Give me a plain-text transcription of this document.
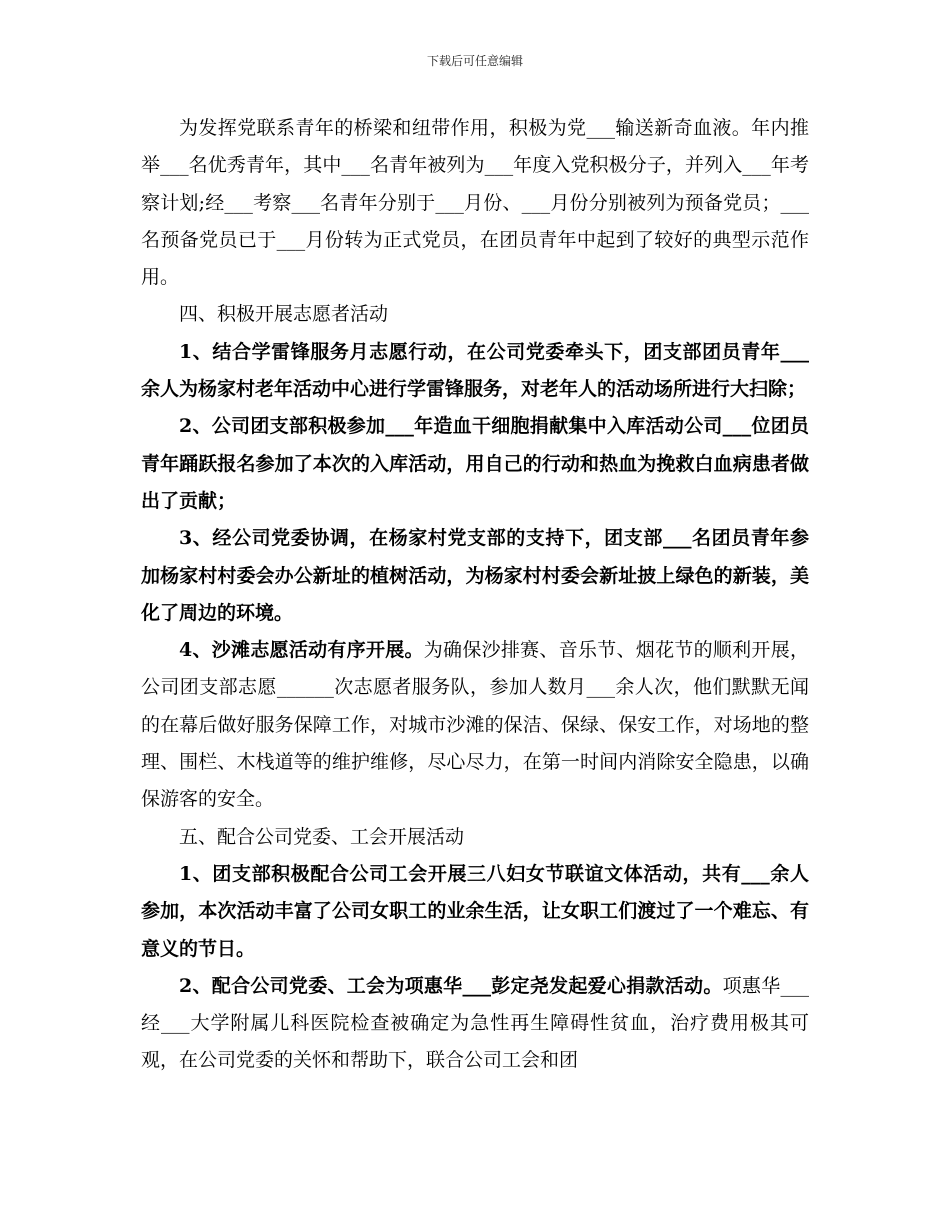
下载后可任意编辑

为发挥党联系青年的桥梁和纽带作用，积极为党___输送新奇血液。年内推举___名优秀青年，其中___名青年被列为___年度入党积极分子，并列入___年考察计划;经___考察___名青年分别于___月份、___月份分别被列为预备党员；___名预备党员已于___月份转为正式党员，在团员青年中起到了较好的典型示范作用。

四、积极开展志愿者活动

1、结合学雷锋服务月志愿行动，在公司党委牵头下，团支部团员青年___余人为杨家村老年活动中心进行学雷锋服务，对老年人的活动场所进行大扫除；

2、公司团支部积极参加___年造血干细胞捐献集中入库活动公司___位团员青年踊跃报名参加了本次的入库活动，用自己的行动和热血为挽救白血病患者做出了贡献；

3、经公司党委协调，在杨家村党支部的支持下，团支部___名团员青年参加杨家村村委会办公新址的植树活动，为杨家村村委会新址披上绿色的新装，美化了周边的环境。

4、沙滩志愿活动有序开展。为确保沙排赛、音乐节、烟花节的顺利开展，公司团支部志愿______次志愿者服务队，参加人数月___余人次，他们默默无闻的在幕后做好服务保障工作，对城市沙滩的保洁、保绿、保安工作，对场地的整理、围栏、木栈道等的维护维修，尽心尽力，在第一时间内消除安全隐患，以确保游客的安全。

五、配合公司党委、工会开展活动

1、团支部积极配合公司工会开展三八妇女节联谊文体活动，共有___余人参加，本次活动丰富了公司女职工的业余生活，让女职工们渡过了一个难忘、有意义的节日。

2、配合公司党委、工会为项惠华___彭定尧发起爱心捐款活动。项惠华___经___大学附属儿科医院检查被确定为急性再生障碍性贫血，治疗费用极其可观，在公司党委的关怀和帮助下，联合公司工会和团
